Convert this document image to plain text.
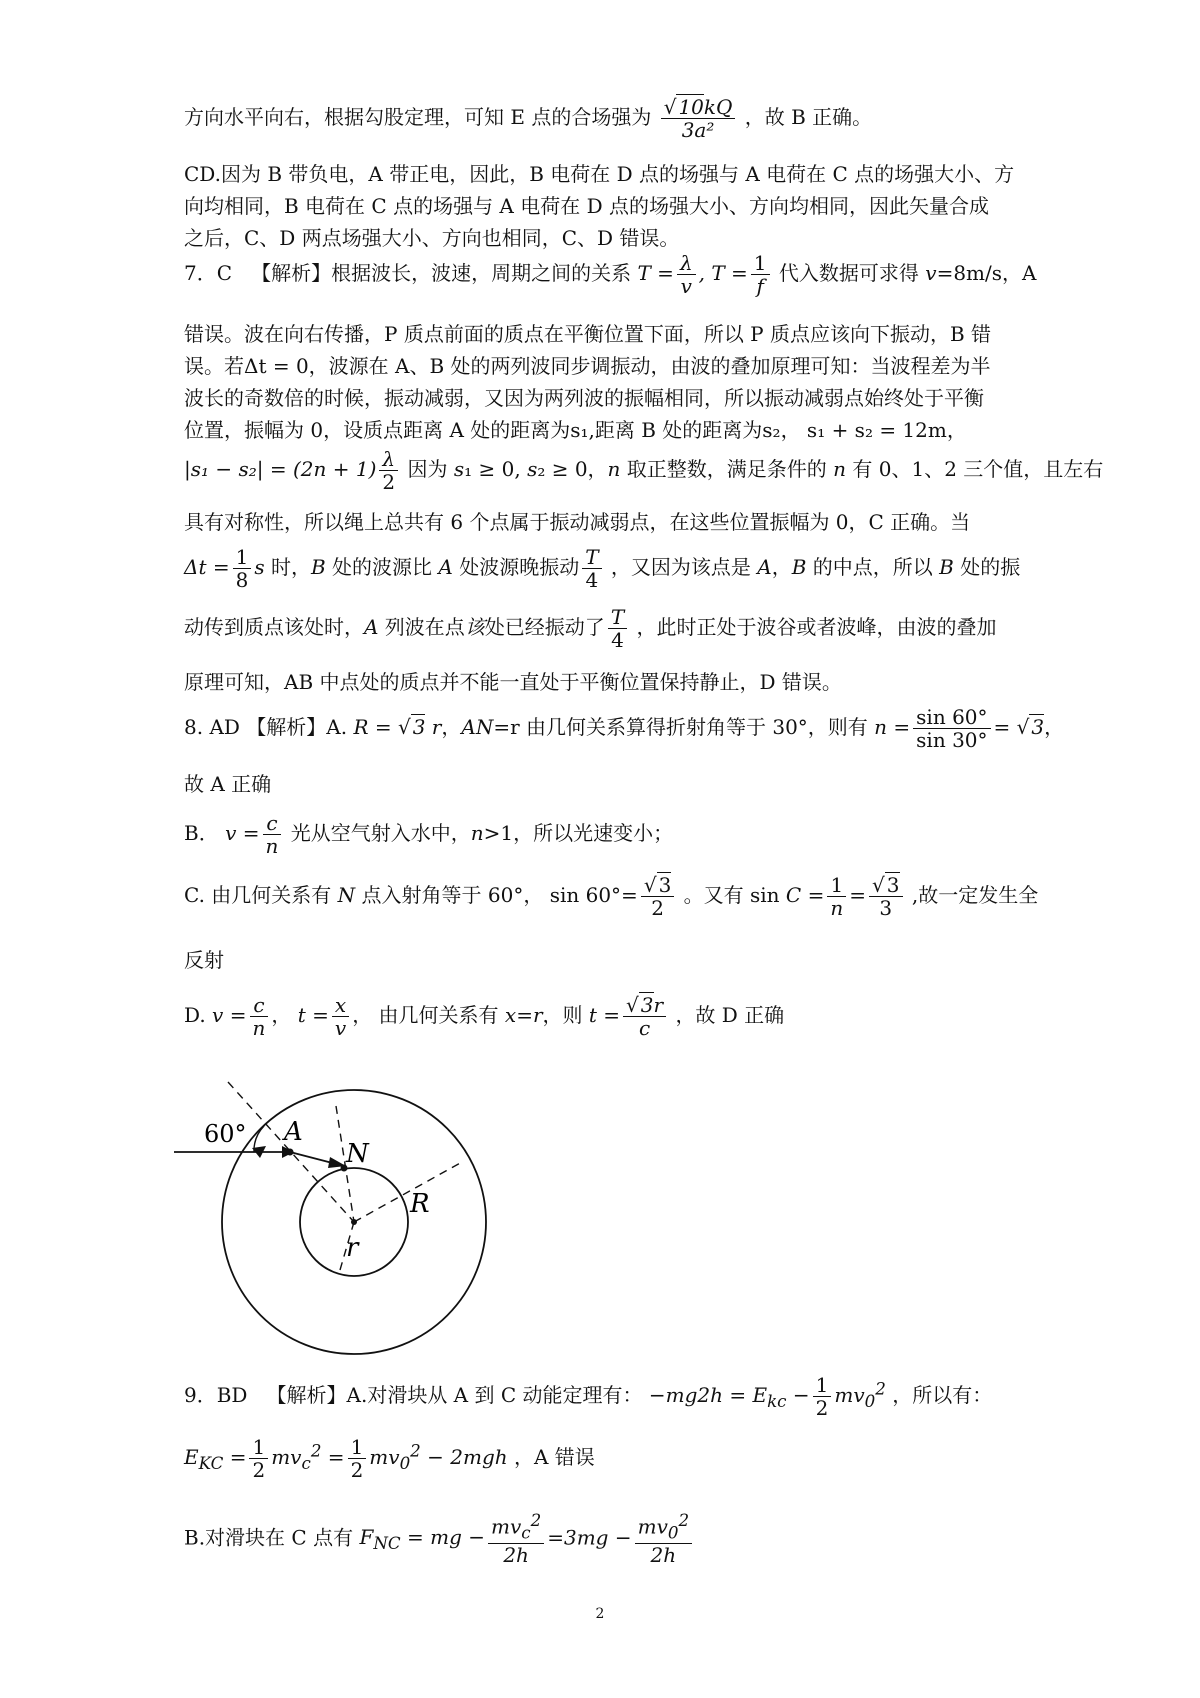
方向水平向右，根据勾股定理，可知 E 点的合场强为 $\frac{√ 10kQ}{\text{3a²}}$ ，故 B 正确。
CD.因为 B 带负电，A 带正电，因此，B 电荷在 D 点的场强与 A 电荷在 C 点的场强大小、方
向均相同，B 电荷在 C 点的场强与 A 电荷在 D 点的场强大小、方向均相同，因此矢量合成
之后，C、D 两点场强大小、方向也相同，C、D 错误。
7．C   【解析】根据波长，波速，周期之间的关系 $T = \frac{\lambda}{v}$ , $T = \frac{1}{f}$ 代入数据可求得 v=8m/s，A
错误。波在向右传播，P 质点前面的质点在平衡位置下面，所以 P 质点应该向下振动，B 错
误。若Δt = 0，波源在 A、B 处的两列波同步调振动，由波的叠加原理可知：当波程差为半
波长的奇数倍的时候，振动减弱，又因为两列波的振幅相同，所以振动减弱点始终处于平衡
位置，振幅为 0，设质点距离 A 处的距离为s₁,距离 B 处的距离为s₂， s₁ + s₂ = 12m，
$|s_1 - s_2| = (2n + 1) \frac{\lambda}{2}$ 因为 s₁ ≥ 0, s₂ ≥ 0，n 取正整数，满足条件的 n 有 0、1、2 三个值，且左右
具有对称性，所以绳上总共有 6 个点属于振动减弱点，在这些位置振幅为 0，C 正确。当
$\Delta t = \frac{1}{8}$ s 时，B 处的波源比 A 处波源晚振动 $\frac{T}{4}$ ，又因为该点是 A，B 的中点，所以 B 处的振
动传到质点该处时，A 列波在点该处已经振动了 $\frac{T}{4}$ ，此时正处于波谷或者波峰，由波的叠加
原理可知，AB 中点处的质点并不能一直处于平衡位置保持静止，D 错误。
8. AD 【解析】A. R = √ 3 r，AN=r 由几何关系算得折射角等于 30°，则有 $n = \frac{\sin 60^\circ}{\sin 30^\circ}$ = √ 3，
故 A 正确
B． $v = \frac{c}{n}$ 光从空气射入水中，n>1，所以光速变小；
C. 由几何关系有 N 点入射角等于 60°， $\sin 60^\circ= \frac{√ 3}{2}$ 。又有 $\sin C = \frac{1}{n} = \frac{√ 3}{3}$ ,故一定发生全
反射
D. $v = \frac{c}{n}$ ， $t = \frac{x}{v}$ ， 由几何关系有 x=r，则 $t = \frac{√ 3r}{c}$ ，故 D 正确
60° A
N
R
r
9．BD   【解析】A.对滑块从 A 到 C 动能定理有： $-mg2h = E_{kc} - \frac{1}{2} mv_0^2$ ，所以有：
$E_{KC} = \frac{1}{2} mv_c^2 = \frac{1}{2} mv_0^2 - 2mgh$ ，A 错误
B.对滑块在 C 点有 $F_{NC}$ = mg − $\frac{mv_c^2}{2h} =3mg - \frac{mv_0^2}{2h}$
2
